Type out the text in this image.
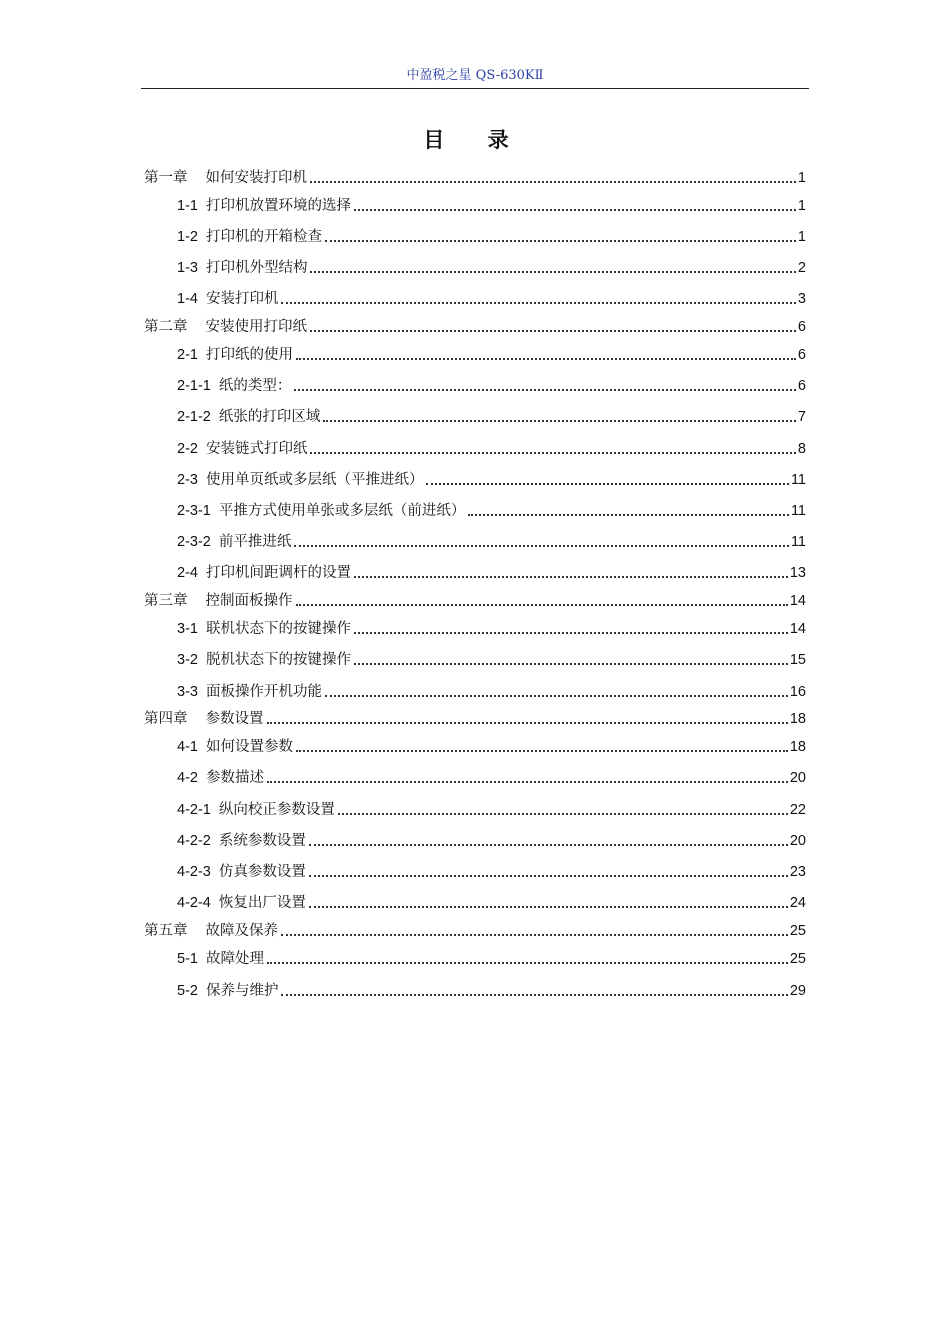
中盈税之星 QS-630KⅡ
目 录
第一章 如何安装打印机	1
1-1 打印机放置环境的选择	1
1-2 打印机的开箱检查	1
1-3 打印机外型结构	2
1-4 安装打印机	3
第二章 安装使用打印纸	6
2-1 打印纸的使用	6
2-1-1 纸的类型：	6
2-1-2 纸张的打印区域	7
2-2 安装链式打印纸	8
2-3 使用单页纸或多层纸（平推进纸）	11
2-3-1 平推方式使用单张或多层纸（前进纸）	11
2-3-2 前平推进纸	11
2-4 打印机间距调杆的设置	13
第三章 控制面板操作	14
3-1 联机状态下的按键操作	14
3-2 脱机状态下的按键操作	15
3-3 面板操作开机功能	16
第四章 参数设置	18
4-1 如何设置参数	18
4-2 参数描述	20
4-2-1 纵向校正参数设置	22
4-2-2 系统参数设置	20
4-2-3 仿真参数设置	23
4-2-4 恢复出厂设置	24
第五章 故障及保养	25
5-1 故障处理	25
5-2 保养与维护	29
